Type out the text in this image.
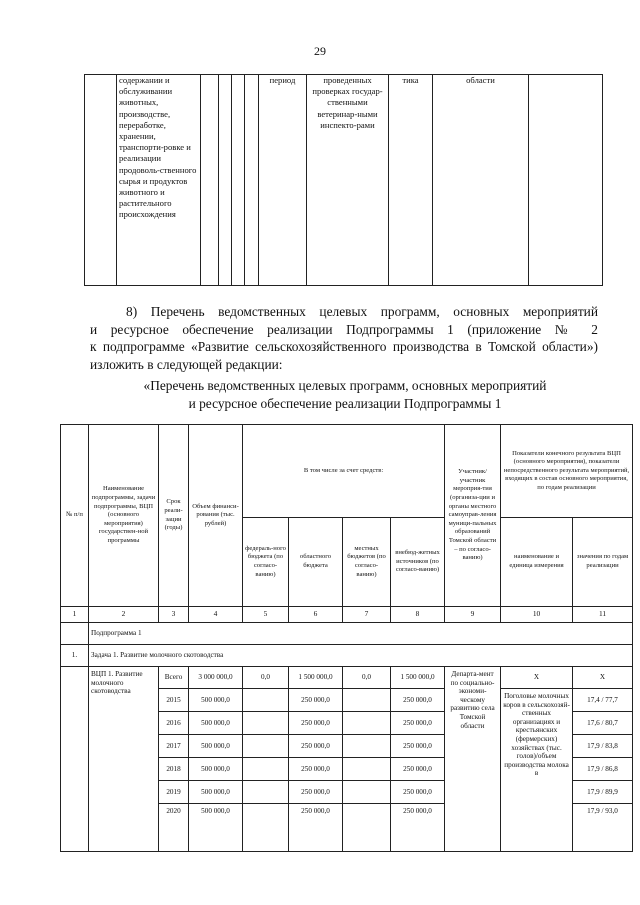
29
	содержании и обслуживании животных, производстве, переработке, хранении, транспорти-ровке и реализации продоволь-ственного сырья и продуктов животного и растительного происхождения					период	проведенных проверках государ-ственными ветеринар-ными инспекто-рами	тика	области	

8) Перечень ведомственных целевых программ, основных мероприятий

и ресурсное обеспечение реализации Подпрограммы 1 (приложение № 2

к подпрограмме «Развитие сельскохозяйственного производства в Томской области»)

изложить в следующей редакции:

«Перечень ведомственных целевых программ, основных мероприятий
и ресурсное обеспечение реализации Подпрограммы 1
№ п/п	Наименование подпрограммы, задачи подпрограммы, ВЦП (основного мероприятия) государствен-ной программы	Срок реали-зации (годы)	Объем финанси-рования (тыс. рублей)	В том числе за счет средств:				Участник/ участник мероприя-тия (организа-ции и органы местного самоуправ-ления муници-пальных образований Томской области – по согласо-ванию)	Показатели конечного результата ВЦП (основного мероприятия), показатели непосредственного результата мероприятий, входящих в состав основного мероприятия, по годам реализации	
				федераль-ного бюджета (по согласо-ванию)	областного бюджета	местных бюджетов (по согласо-ванию)	внебюд-жетных источников (по согласо-ванию)		наименование и единица измерения	значения по годам реализации
1	2	3	4	5	6	7	8	9	10	11
	Подпрограмма 1									
1.	Задача 1. Развитие молочного скотоводства									
	ВЦП 1. Развитие молочного скотоводства	Всего	3 000 000,0	0,0	1 500 000,0	0,0	1 500 000,0	Департа-мент по социально-экономи-ческому развитию села Томской области	Х	Х
		2015	500 000,0		250 000,0		250 000,0		Поголовье молочных коров в сельскохозяй-ственных организациях и крестьянских (фермерских) хозяйствах (тыс. голов)/объем производства молока в	17,4 / 77,7
		2016	500 000,0		250 000,0		250 000,0			17,6 / 80,7
		2017	500 000,0		250 000,0		250 000,0			17,9 / 83,8
		2018	500 000,0		250 000,0		250 000,0			17,9 / 86,8
		2019	500 000,0		250 000,0		250 000,0			17,9 / 89,9
		2020	500 000,0		250 000,0		250 000,0			17,9 / 93,0
